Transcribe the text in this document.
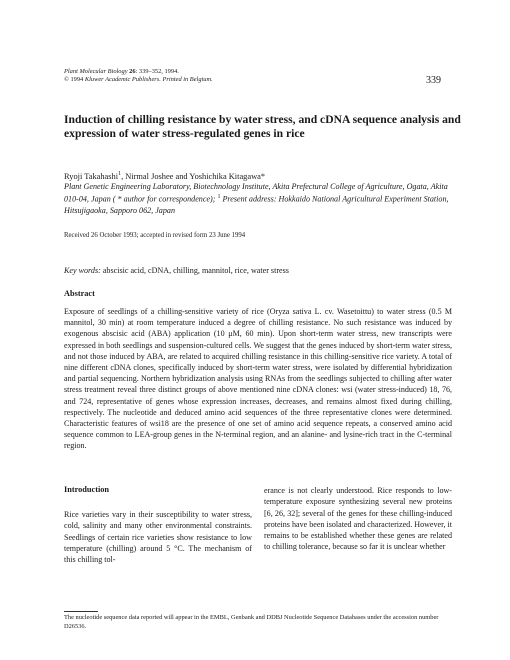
Plant Molecular Biology 26: 339–352, 1994.
© 1994 Kluwer Academic Publishers. Printed in Belgium.	339
Induction of chilling resistance by water stress, and cDNA sequence analysis and expression of water stress-regulated genes in rice
Ryoji Takahashi$^1$, Nirmal Joshee and Yoshichika Kitagawa*
Plant Genetic Engineering Laboratory, Biotechnology Institute, Akita Prefectural College of Agriculture, Ogata, Akita 010-04, Japan ( * author for correspondence); $^1$ Present address: Hokkaido National Agricultural Experiment Station, Hitsujigaoka, Sapporo 062, Japan
Received 26 October 1993; accepted in revised form 23 June 1994
Key words: abscisic acid, cDNA, chilling, mannitol, rice, water stress
Abstract
Exposure of seedlings of a chilling-sensitive variety of rice (Oryza sativa L. cv. Wasetoittu) to water stress (0.5 M mannitol, 30 min) at room temperature induced a degree of chilling resistance. No such resistance was induced by exogenous abscisic acid (ABA) application (10 μM, 60 min). Upon short-term water stress, new transcripts were expressed in both seedlings and suspension-cultured cells. We suggest that the genes induced by short-term water stress, and not those induced by ABA, are related to acquired chilling resistance in this chilling-sensitive rice variety. A total of nine different cDNA clones, specifically induced by short-term water stress, were isolated by differential hybridization and partial sequencing. Northern hybridization analysis using RNAs from the seedlings subjected to chilling after water stress treatment reveal three distinct groups of above mentioned nine cDNA clones: wsi (water stress-induced) 18, 76, and 724, representative of genes whose expression increases, decreases, and remains almost fixed during chilling, respectively. The nucleotide and deduced amino acid sequences of the three representative clones were determined. Characteristic features of wsi18 are the presence of one set of amino acid sequence repeats, a conserved amino acid sequence common to LEA-group genes in the N-terminal region, and an alanine- and lysine-rich tract in the C-terminal region.
Introduction
Rice varieties vary in their susceptibility to water stress, cold, salinity and many other environmental constraints. Seedlings of certain rice varieties show resistance to low temperature (chilling) around 5 °C. The mechanism of this chilling tol-
erance is not clearly understood. Rice responds to low-temperature exposure synthesizing several new proteins [6, 26, 32]; several of the genes for these chilling-induced proteins have been isolated and characterized. However, it remains to be established whether these genes are related to chilling tolerance, because so far it is unclear whether
The nucleotide sequence data reported will appear in the EMBL, Genbank and DDBJ Nucleotide Sequence Databases under the accession number D26536.
